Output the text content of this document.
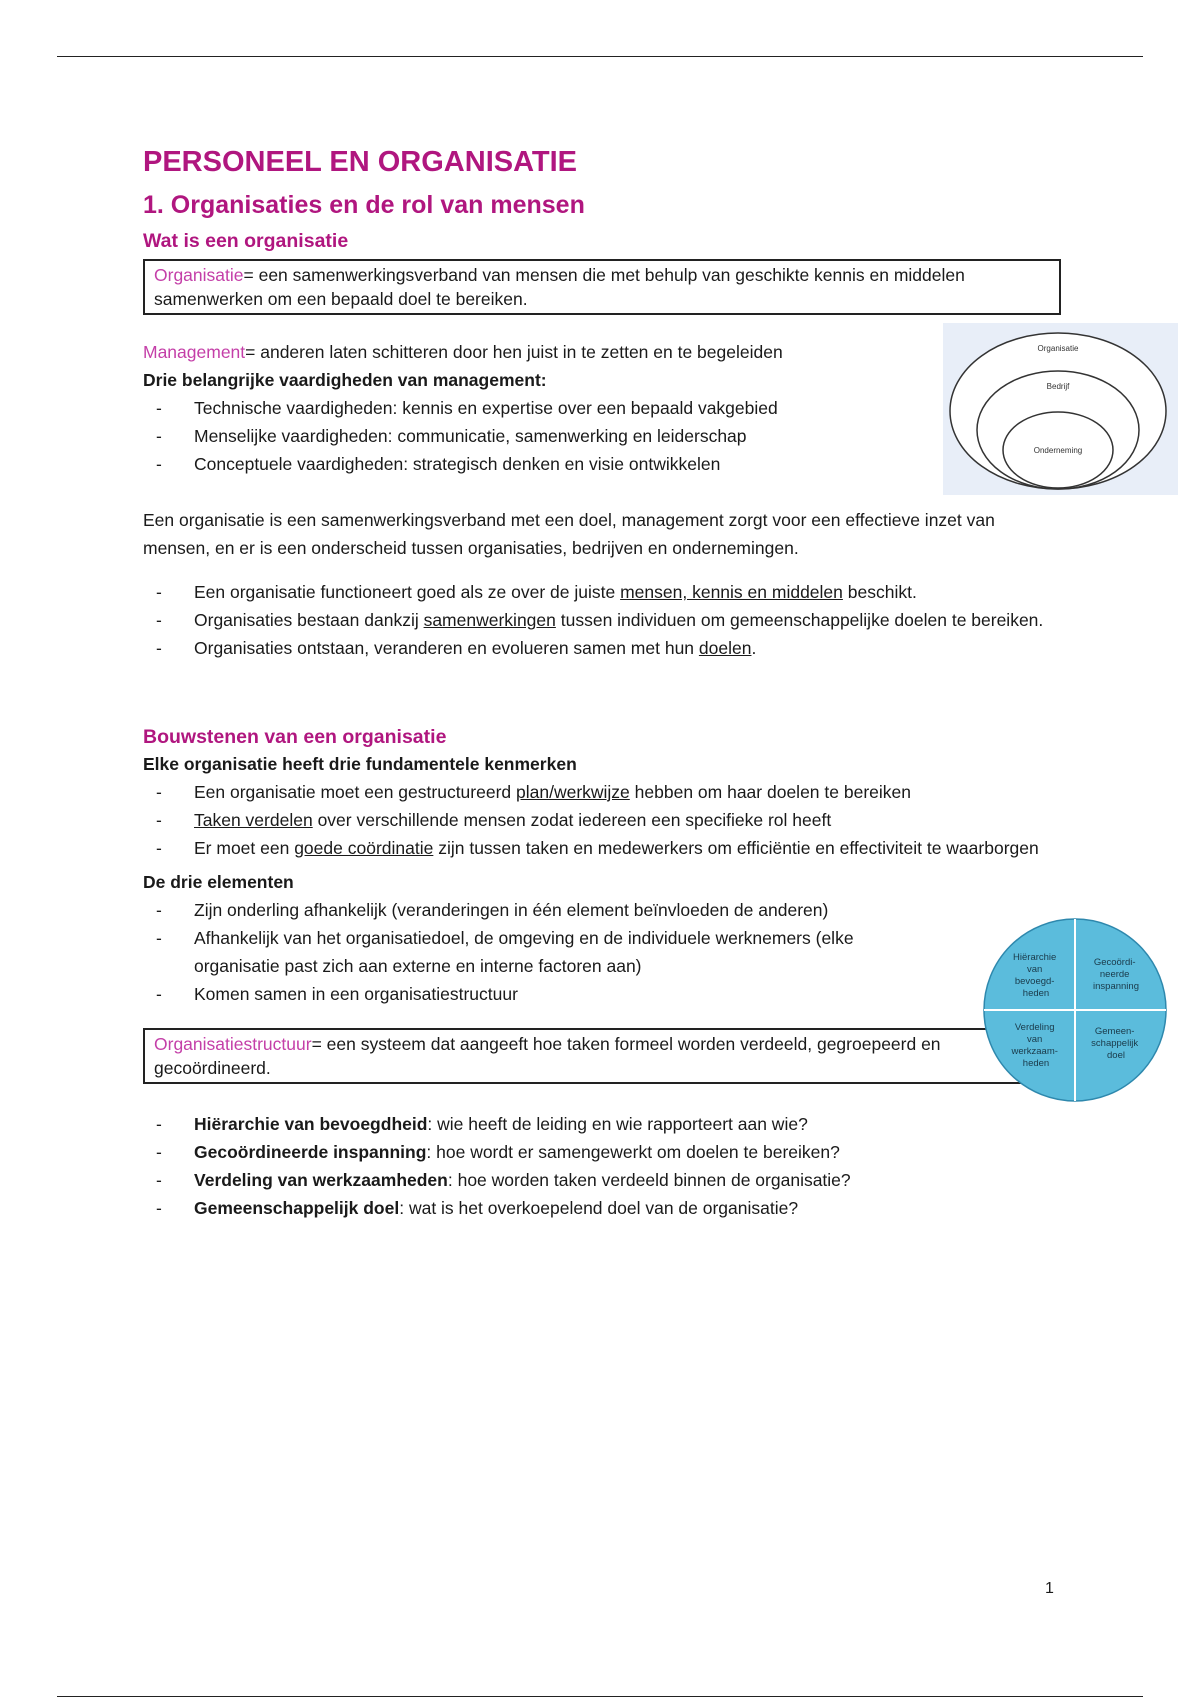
PERSONEEL EN ORGANISATIE
1. Organisaties en de rol van mensen
Wat is een organisatie
Organisatie= een samenwerkingsverband van mensen die met behulp van geschikte kennis en middelen samenwerken om een bepaald doel te bereiken.

Management= anderen laten schitteren door hen juist in te zetten en te begeleiden

Drie belangrijke vaardigheden van management:

- Technische vaardigheden: kennis en expertise over een bepaald vakgebied
- Menselijke vaardigheden: communicatie, samenwerking en leiderschap
- Conceptuele vaardigheden: strategisch denken en visie ontwikkelen

Een organisatie is een samenwerkingsverband met een doel, management zorgt voor een effectieve inzet van mensen, en er is een onderscheid tussen organisaties, bedrijven en ondernemingen.

- Een organisatie functioneert goed als ze over de juiste mensen, kennis en middelen beschikt.
- Organisaties bestaan dankzij samenwerkingen tussen individuen om gemeenschappelijke doelen te bereiken.
- Organisaties ontstaan, veranderen en evolueren samen met hun doelen.
Bouwstenen van een organisatie

Elke organisatie heeft drie fundamentele kenmerken

- Een organisatie moet een gestructureerd plan/werkwijze hebben om haar doelen te bereiken
- Taken verdelen over verschillende mensen zodat iedereen een specifieke rol heeft
- Er moet een goede coördinatie zijn tussen taken en medewerkers om efficiëntie en effectiviteit te waarborgen

De drie elementen

- Zijn onderling afhankelijk (veranderingen in één element beïnvloeden de anderen)
- Afhankelijk van het organisatiedoel, de omgeving en de individuele werknemers (elke organisatie past zich aan externe en interne factoren aan)
- Komen samen in een organisatiestructuur
Organisatiestructuur= een systeem dat aangeeft hoe taken formeel worden verdeeld, gegroepeerd en gecoördineerd.
- Hiërarchie van bevoegdheid: wie heeft de leiding en wie rapporteert aan wie?
- Gecoördineerde inspanning: hoe wordt er samengewerkt om doelen te bereiken?
- Verdeling van werkzaamheden: hoe worden taken verdeeld binnen de organisatie?
- Gemeenschappelijk doel: wat is het overkoepelend doel van de organisatie?
Organisatie
Bedrijf
Onderneming
Hiërarchie van bevoegd- heden
Gecoördi- neerde inspanning
Verdeling van werkzaam- heden
Gemeen- schappelijk doel
1
